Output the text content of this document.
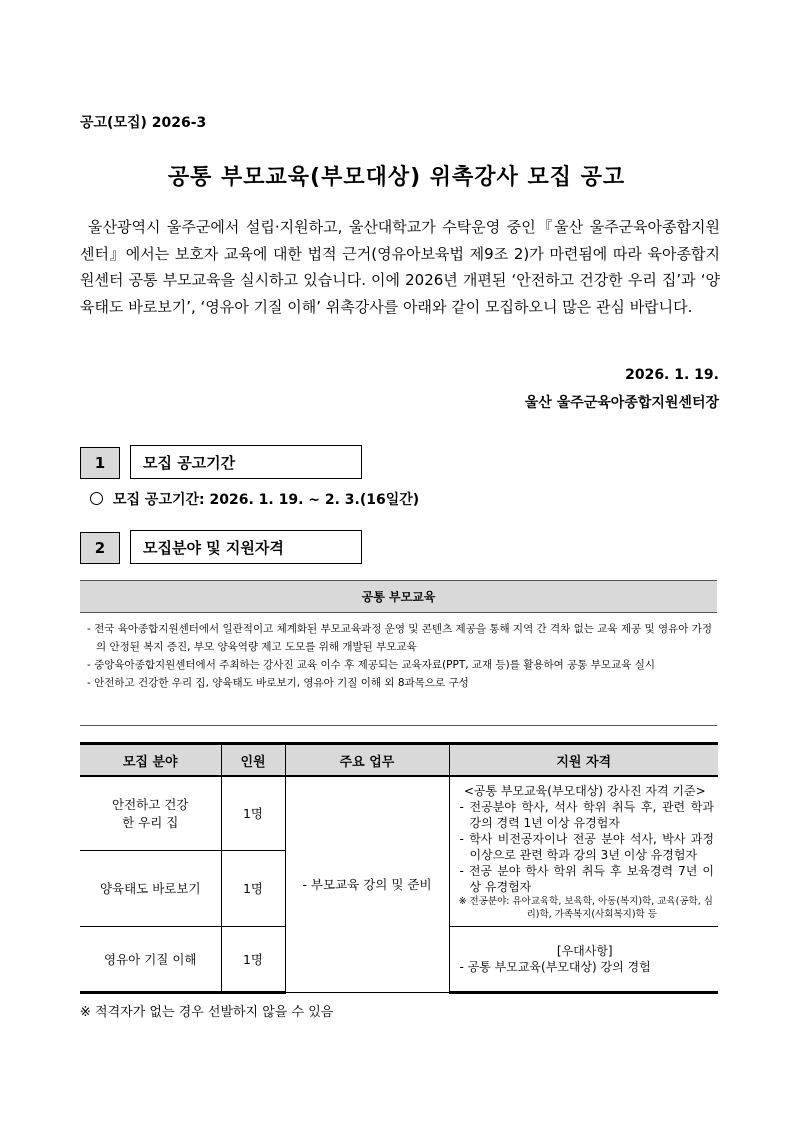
공고(모집) 2026-3
공통 부모교육(부모대상) 위촉강사 모집 공고

울산광역시 울주군에서 설립·지원하고, 울산대학교가 수탁운영 중인『울산 울주군육아종합지원센터』에서는 보호자 교육에 대한 법적 근거(영유아보육법 제9조 2)가 마련됨에 따라 육아종합지원센터 공통 부모교육을 실시하고 있습니다. 이에 2026년 개편된 ‘안전하고 건강한 우리 집’과 ‘양육태도 바로보기’, ‘영유아 기질 이해’ 위촉강사를 아래와 같이 모집하오니 많은 관심 바랍니다.

2026. 1. 19.
울산 울주군육아종합지원센터장
1	모집 공고기간
모집 공고기간: 2026. 1. 19. ~ 2. 3.(16일간)
2	모집분야 및 지원자격
공통 부모교육

- 전국 육아종합지원센터에서 일관적이고 체계화된 부모교육과정 운영 및 콘텐츠 제공을 통해 지역 간 격차 없는 교육 제공 및 영유아 가정의 안정된 복지 증진, 부모 양육역량 제고 도모를 위해 개발된 부모교육

- 중앙육아종합지원센터에서 주최하는 강사진 교육 이수 후 제공되는 교육자료(PPT, 교재 등)를 활용하여 공통 부모교육 실시

- 안전하고 건강한 우리 집, 양육태도 바로보기, 영유아 기질 이해 외 8과목으로 구성

모집 분야	인원	주요 업무	지원 자격
안전하고 건강한 우리 집	1명	- 부모교육 강의 및 준비	<공통 부모교육(부모대상) 강사진 자격 기준>
- 전공분야 학사, 석사 학위 취득 후, 관련 학과 강의 경력 1년 이상 유경험자
- 학사 비전공자이나 전공 분야 석사, 박사 과정 이상으로 관련 학과 강의 3년 이상 유경험자
- 전공 분야 학사 학위 취득 후 보육경력 7년 이상 유경험자
※ 전공분야: 유아교육학, 보육학, 아동(복지)학, 교육(공학, 심리)학, 가족복지(사회복지)학 등

양육태도 바로보기	1명		
영유아 기질 이해	1명		[우대사항]
- 공통 부모교육(부모대상) 강의 경험
※ 적격자가 없는 경우 선발하지 않을 수 있음
